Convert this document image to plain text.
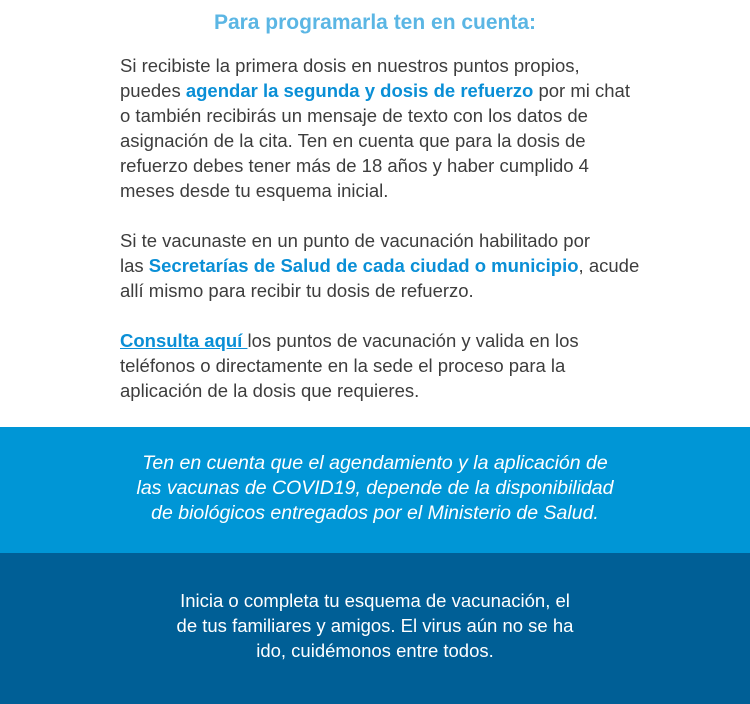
Para programarla ten en cuenta:
Si recibiste la primera dosis en nuestros puntos propios,
puedes agendar la segunda y dosis de refuerzo por mi chat
o también recibirás un mensaje de texto con los datos de
asignación de la cita. Ten en cuenta que para la dosis de
refuerzo debes tener más de 18 años y haber cumplido 4
meses desde tu esquema inicial.
Si te vacunaste en un punto de vacunación habilitado por
las Secretarías de Salud de cada ciudad o municipio, acude
allí mismo para recibir tu dosis de refuerzo.
Consulta aquí los puntos de vacunación y valida en los
teléfonos o directamente en la sede el proceso para la
aplicación de la dosis que requieres.
Ten en cuenta que el agendamiento y la aplicación de
las vacunas de COVID19, depende de la disponibilidad
de biológicos entregados por el Ministerio de Salud.
Inicia o completa tu esquema de vacunación, el
de tus familiares y amigos. El virus aún no se ha
ido, cuidémonos entre todos.
